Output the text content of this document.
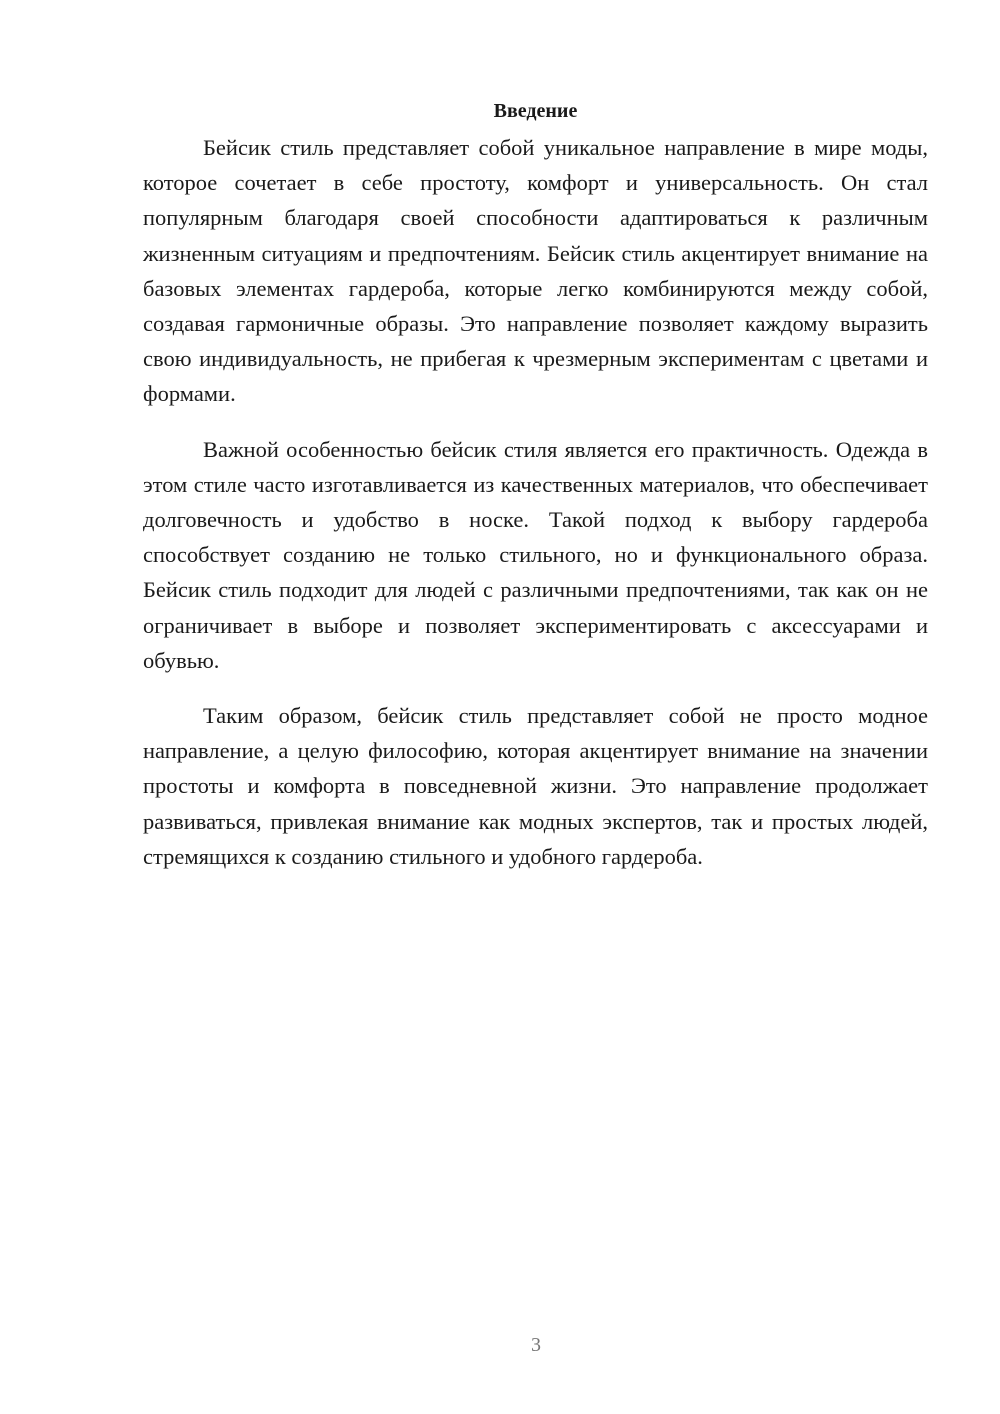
Введение

Бейсик стиль представляет собой уникальное направление в мире моды, которое сочетает в себе простоту, комфорт и универсальность. Он стал популярным благодаря своей способности адаптироваться к различным жизненным ситуациям и предпочтениям. Бейсик стиль акцентирует внимание на базовых элементах гардероба, которые легко комбинируются между собой, создавая гармоничные образы. Это направление позволяет каждому выразить свою индивидуальность, не прибегая к чрезмерным экспериментам с цветами и формами.

Важной особенностью бейсик стиля является его практичность. Одежда в этом стиле часто изготавливается из качественных материалов, что обеспечивает долговечность и удобство в носке. Такой подход к выбору гардероба способствует созданию не только стильного, но и функционального образа. Бейсик стиль подходит для людей с различными предпочтениями, так как он не ограничивает в выборе и позволяет экспериментировать с аксессуарами и обувью.

Таким образом, бейсик стиль представляет собой не просто модное направление, а целую философию, которая акцентирует внимание на значении простоты и комфорта в повседневной жизни. Это направление продолжает развиваться, привлекая внимание как модных экспертов, так и простых людей, стремящихся к созданию стильного и удобного гардероба.

3
